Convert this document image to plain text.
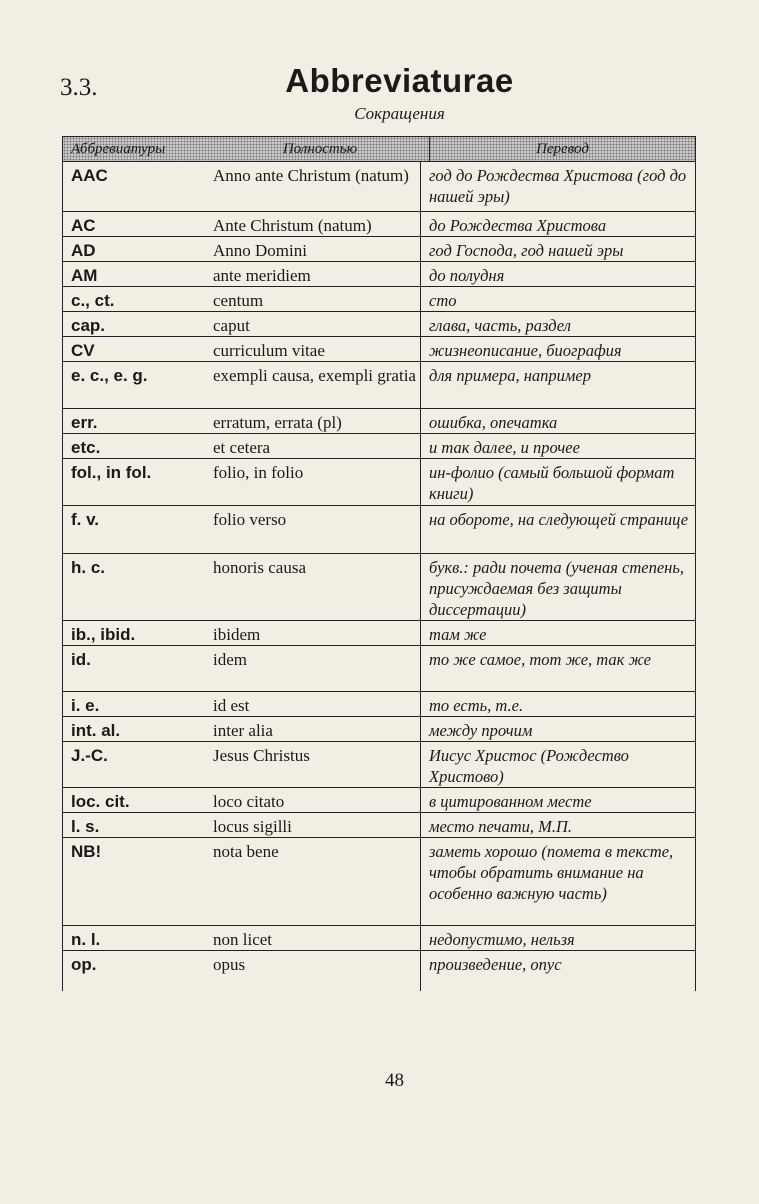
3.3.	Abbreviaturae
Сокращения
Аббревиатуры	Полностью	Перевод
AAC	Anno ante Christum (natum)	год до Рождества Христова (год до нашей эры)
AC	Ante Christum (natum)	до Рождества Христова
AD	Anno Domini	год Господа, год нашей эры
AM	ante meridiem	до полудня
c., ct.	centum	сто
cap.	caput	глава, часть, раздел
CV	curriculum vitae	жизнеописание, биография
e. c., e. g.	exempli causa, exempli gratia для примера, например
err.	erratum, errata (pl)	ошибка, опечатка
etc.	et cetera	и так далее, и прочее
fol., in fol.	folio, in folio	ин-фолио (самый большой формат книги)
f. v.	folio verso	на обороте, на следующей странице
h. c.	honoris causa	букв.: ради почета (ученая степень, присуждаемая без защиты диссертации)
ib., ibid.	ibidem	там же
id.	idem	то же самое, тот же, так же
i. e.	id est	то есть, т.е.
int. al.	inter alia	между прочим
J.-C.	Jesus Christus	Иисус Христос (Рождество Христово)
loc. cit.	loco citato	в цитированном месте
l. s.	locus sigilli	место печати, М.П.
NB!	nota bene	заметь хорошо (помета в тексте, чтобы обратить внимание на особенно важную часть)
n. l.	non licet	недопустимо, нельзя
op.	opus	произведение, опус
48
